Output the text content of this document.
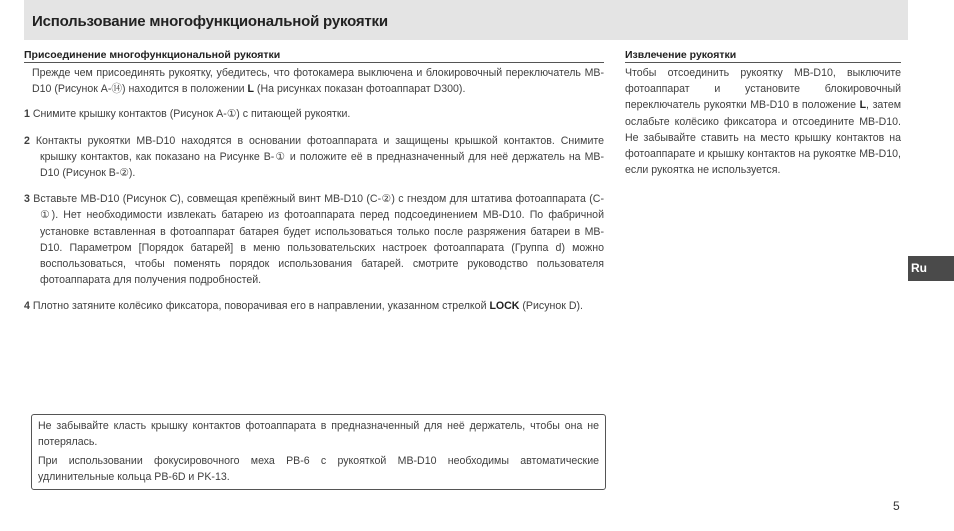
Использование многофункциональной рукоятки
Присоединение многофункциональной рукоятки

Прежде чем присоединять рукоятку, убедитесь, что фотокамера выключена и блокировочный переключатель MB-D10 (Рисунок A-⑭) находится в положении L (На рисунках показан фотоаппарат D300).

1 Снимите крышку контактов (Рисунок A-①) с питающей рукоятки.

2 Контакты рукоятки MB-D10 находятся в основании фотоаппарата и защищены крышкой контактов. Снимите крышку контактов, как показано на Рисунке B-① и положите её в предназначенный для неё держатель на MB-D10 (Рисунок B-②).

3 Вставьте MB-D10 (Рисунок C), совмещая крепёжный винт MB-D10 (C-②) с гнездом для штатива фотоаппарата (C-①). Нет необходимости извлекать батарею из фотоаппарата перед подсоединением MB-D10. По фабричной установке вставленная в фотоаппарат батарея будет использоваться только после разряжения батареи в MB-D10. Параметром [Порядок батарей] в меню пользовательских настроек фотоаппарата (Группа d) можно воспользоваться, чтобы поменять порядок использования батарей. смотрите руководство пользователя фотоаппарата для получения подробностей.

4 Плотно затяните колёсико фиксатора, поворачивая его в направлении, указанном стрелкой LOCK (Рисунок D).

Не забывайте класть крышку контактов фотоаппарата в предназначенный для неё держатель, чтобы она не потерялась.

При использовании фокусировочного меха PB-6 с рукояткой MB-D10 необходимы автоматические удлинительные кольца PB-6D и PK-13.

Извлечение рукоятки

Чтобы отсоединить рукоятку MB-D10, выключите фотоаппарат и установите блокировочный переключатель рукоятки MB-D10 в положение L, затем ослабьте колёсико фиксатора и отсоедините MB-D10. Не забывайте ставить на место крышку контактов на фотоаппарате и крышку контактов на рукоятке MB-D10, если рукоятка не используется.

Ru
5
